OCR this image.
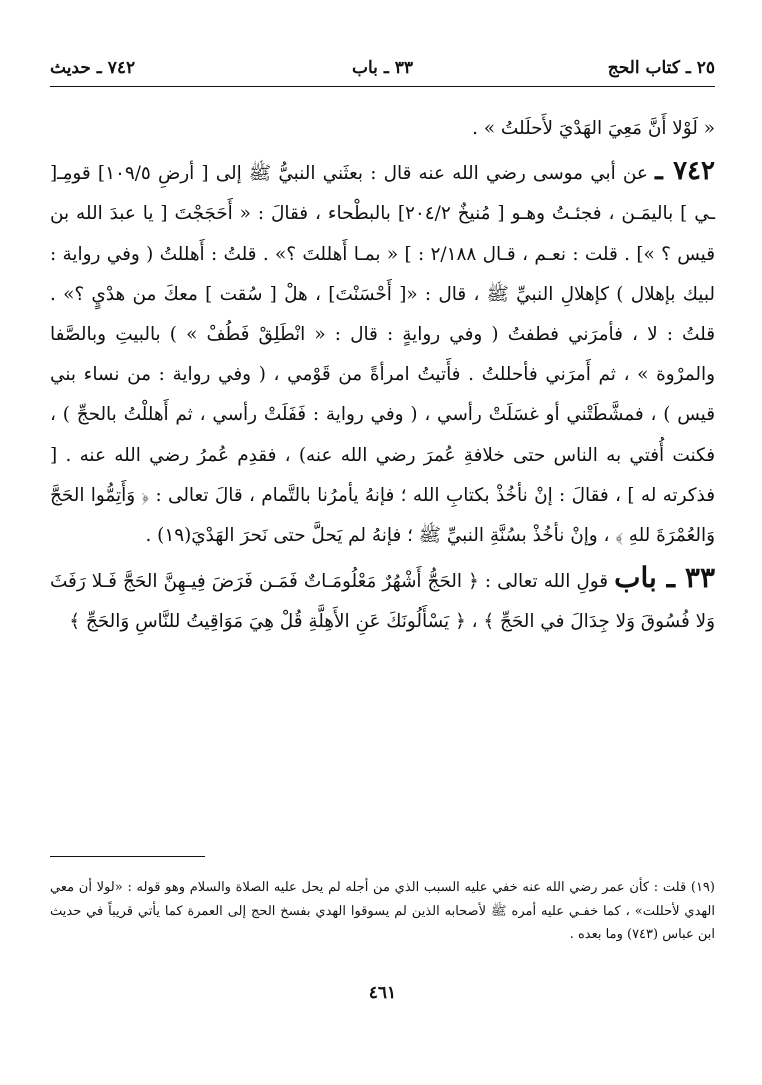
٢٥ ـ كتاب الحج
٣٣ ـ باب
٧٤٢ ـ حديث

« لَوْلا أَنَّ مَعِيَ الهَدْيَ لأَحلَلتُ » .

٧٤٢ ـ عن أبي موسى رضي الله عنه قال : بعثَني النبيُّ ﷺ إلى [ أرضِ ١٠٩/٥] قومِـ[ ـي ] باليمَـن ، فجئـتُ وهـو [ مُنيخٌ ٢٠٤/٢] بالبطْحاء ، فقالَ : « أَحَجَجْتَ [ يا عبدَ الله بن قيس ؟ »] . قلت : نعـم ، قـال ٢/١٨٨ : ] « بمـا أَهللتَ ؟» . قلتُ : أَهللتُ ( وفي رواية : لبيك بإهلال ) كإهلالِ النبيِّ ﷺ ، قال : «[ أَحْسَنْتَ] ، هلْ [ سُقت ] معكَ من هدْيٍ ؟» . قلتُ : لا ، فأمرَني فطفتُ ( وفي روايةٍ : قال : « انْطَلِقْ فَطُفْ » ) بالبيتِ وبالصَّفا والمرْوة » ، ثم أَمرَني فأحللتُ . فأَتيتُ امرأةً من قَوْمي ، ( وفي رواية : من نساء بني قيس ) ، فمشَّطَتْني أو غسَلَتْ رأسي ، ( وفي رواية : فَفَلَتْ رأسي ، ثم أَهللْتُ بالحجِّ ) ، فكنت أُفتي به الناس حتى خلافةِ عُمرَ رضي الله عنه) ، فقدِم عُمرُ رضي الله عنه . [ فذكرته له ] ، فقالَ : إنْ نأخُذْ بكتابِ الله ؛ فإنهُ يأمرُنا بالتَّمام ، قالَ تعالى : ﴿ وَأَتِمُّوا الحَجَّ وَالعُمْرَةَ للهِ ﴾ ، وإنْ نأخُذْ بسُنَّةِ النبيِّ ﷺ ؛ فإنهُ لم يَحلَّ حتى نَحرَ الهَدْيَ(١٩) .

٣٣ ـ باب قولِ الله تعالى : ﴿ الحَجُّ أَشْهُرٌ مَعْلُومَـاتٌ فَمَـن فَرَضَ فِيـهِنَّ الحَجَّ فَـلا رَفَثَ وَلا فُسُوقَ وَلا جِدَالَ في الحَجِّ ﴾ ، ﴿ يَسْأَلُونَكَ عَنِ الأَهِلَّةِ قُلْ هِيَ مَوَاقِيتُ للنَّاسِ وَالحَجِّ ﴾

(١٩) قلت : كأن عمر رضي الله عنه خفي عليه السبب الذي من أجله لم يحل عليه الصلاة والسلام وهو قوله : «لولا أن معي الهدي لأحللت» ، كما خفـي عليه أمره ﷺ لأصحابه الذين لم يسوقوا الهدي بفسخ الحج إلى العمرة كما يأتي قريباً في حديث ابن عباس (٧٤٣) وما بعده .
٤٦١
